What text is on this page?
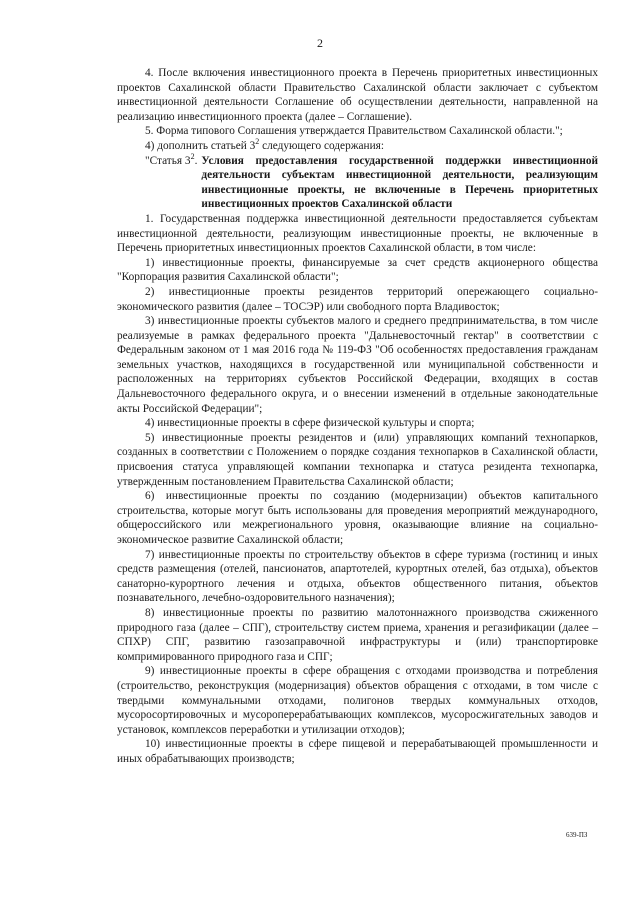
2

4. После включения инвестиционного проекта в Перечень приоритетных инвестиционных проектов Сахалинской области Правительство Сахалинской области заключает с субъектом инвестиционной деятельности Соглашение об осуществлении деятельности, направленной на реализацию инвестиционного проекта (далее – Соглашение).

5. Форма типового Соглашения утверждается Правительством Сахалинской области.";

4) дополнить статьей $3^2$ следующего содержания:

"Статья $3^2$. Условия предоставления государственной поддержки инвестиционной деятельности субъектам инвестиционной деятельности, реализующим инвестиционные проекты, не включенные в Перечень приоритетных инвестиционных проектов Сахалинской области

1. Государственная поддержка инвестиционной деятельности предоставляется субъектам инвестиционной деятельности, реализующим инвестиционные проекты, не включенные в Перечень приоритетных инвестиционных проектов Сахалинской области, в том числе:

1) инвестиционные проекты, финансируемые за счет средств акционерного общества "Корпорация развития Сахалинской области";

2) инвестиционные проекты резидентов территорий опережающего социально-экономического развития (далее – ТОСЭР) или свободного порта Владивосток;

3) инвестиционные проекты субъектов малого и среднего предпринимательства, в том числе реализуемые в рамках федерального проекта "Дальневосточный гектар" в соответствии с Федеральным законом от 1 мая 2016 года № 119-ФЗ "Об особенностях предоставления гражданам земельных участков, находящихся в государственной или муниципальной собственности и расположенных на территориях субъектов Российской Федерации, входящих в состав Дальневосточного федерального округа, и о внесении изменений в отдельные законодательные акты Российской Федерации";

4) инвестиционные проекты в сфере физической культуры и спорта;

5) инвестиционные проекты резидентов и (или) управляющих компаний технопарков, созданных в соответствии с Положением о порядке создания технопарков в Сахалинской области, присвоения статуса управляющей компании технопарка и статуса резидента технопарка, утвержденным постановлением Правительства Сахалинской области;

6) инвестиционные проекты по созданию (модернизации) объектов капитального строительства, которые могут быть использованы для проведения мероприятий международного, общероссийского или межрегионального уровня, оказывающие влияние на социально-экономическое развитие Сахалинской области;

7) инвестиционные проекты по строительству объектов в сфере туризма (гостиниц и иных средств размещения (отелей, пансионатов, апартотелей, курортных отелей, баз отдыха), объектов санаторно-курортного лечения и отдыха, объектов общественного питания, объектов познавательного, лечебно-оздоровительного назначения);

8) инвестиционные проекты по развитию малотоннажного производства сжиженного природного газа (далее – СПГ), строительству систем приема, хранения и регазификации (далее – СПХР) СПГ, развитию газозаправочной инфраструктуры и (или) транспортировке компримированного природного газа и СПГ;

9) инвестиционные проекты в сфере обращения с отходами производства и потребления (строительство, реконструкция (модернизация) объектов обращения с отходами, в том числе с твердыми коммунальными отходами, полигонов твердых коммунальных отходов, мусоросортировочных и мусороперерабатывающих комплексов, мусоросжигательных заводов и установок, комплексов переработки и утилизации отходов);

10) инвестиционные проекты в сфере пищевой и перерабатывающей промышленности и иных обрабатывающих производств;

639-ПЗ
